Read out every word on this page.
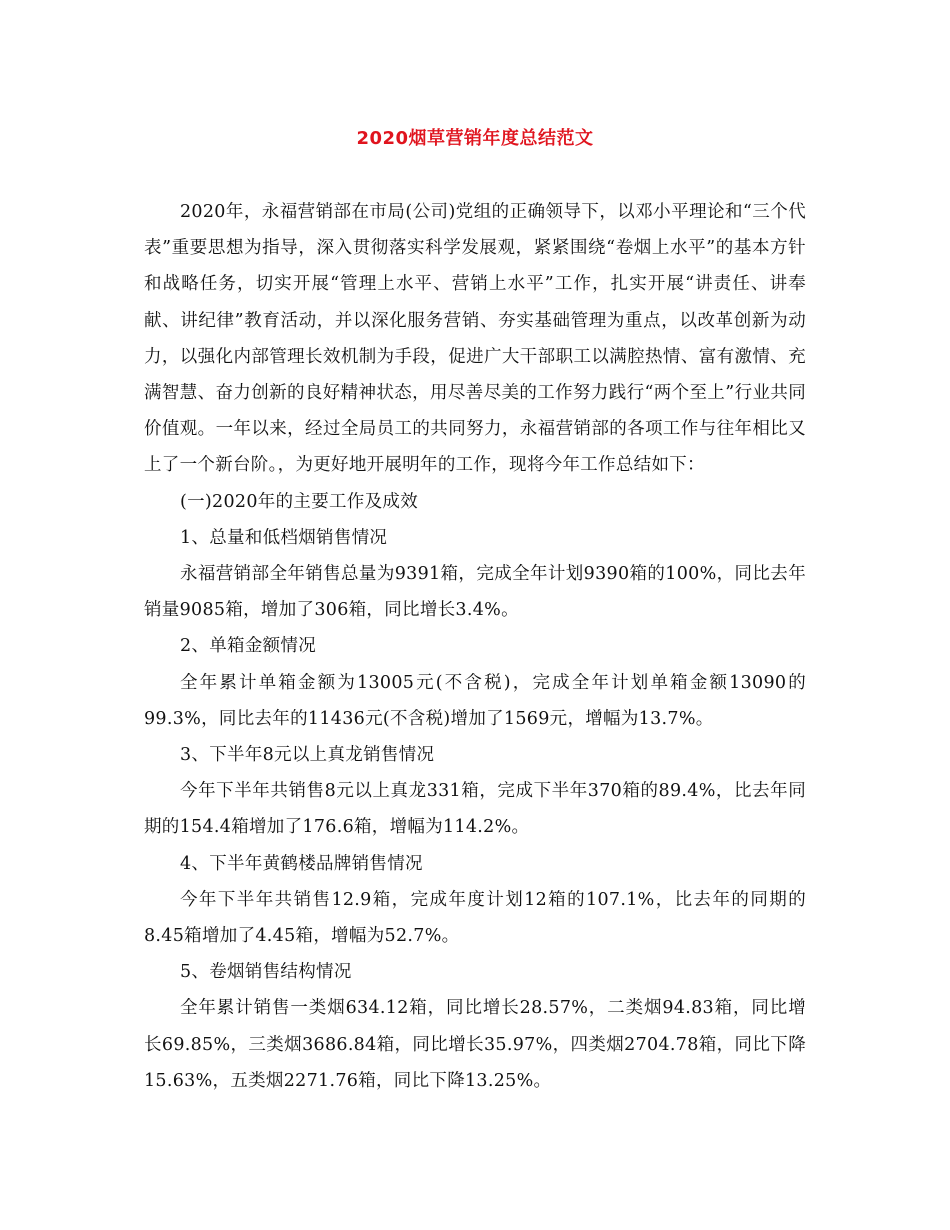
2020烟草营销年度总结范文

2020年，永福营销部在市局(公司)党组的正确领导下，以邓小平理论和“三个代表”重要思想为指导，深入贯彻落实科学发展观，紧紧围绕“卷烟上水平”的基本方针和战略任务，切实开展“管理上水平、营销上水平”工作，扎实开展“讲责任、讲奉献、讲纪律”教育活动，并以深化服务营销、夯实基础管理为重点，以改革创新为动力，以强化内部管理长效机制为手段，促进广大干部职工以满腔热情、富有激情、充满智慧、奋力创新的良好精神状态，用尽善尽美的工作努力践行“两个至上”行业共同价值观。一年以来，经过全局员工的共同努力，永福营销部的各项工作与往年相比又上了一个新台阶。，为更好地开展明年的工作，现将今年工作总结如下：

(一)2020年的主要工作及成效

1、总量和低档烟销售情况

永福营销部全年销售总量为9391箱，完成全年计划9390箱的100%，同比去年销量9085箱，增加了306箱，同比增长3.4%。

2、单箱金额情况

全年累计单箱金额为13005元(不含税)，完成全年计划单箱金额13090的99.3%，同比去年的11436元(不含税)增加了1569元，增幅为13.7%。

3、下半年8元以上真龙销售情况

今年下半年共销售8元以上真龙331箱，完成下半年370箱的89.4%，比去年同期的154.4箱增加了176.6箱，增幅为114.2%。

4、下半年黄鹤楼品牌销售情况

今年下半年共销售12.9箱，完成年度计划12箱的107.1%，比去年的同期的8.45箱增加了4.45箱，增幅为52.7%。

5、卷烟销售结构情况

全年累计销售一类烟634.12箱，同比增长28.57%，二类烟94.83箱，同比增长69.85%，三类烟3686.84箱，同比增长35.97%，四类烟2704.78箱，同比下降15.63%，五类烟2271.76箱，同比下降13.25%。
